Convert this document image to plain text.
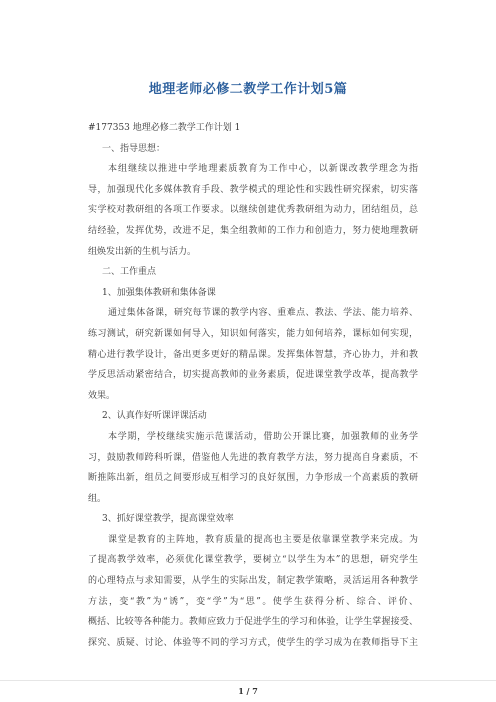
地理老师必修二教学工作计划5篇
#177353 地理必修二教学工作计划 1
一、指导思想：
本组继续以推进中学地理素质教育为工作中心，以新课改教学理念为指
导，加强现代化多媒体教育手段、教学模式的理论性和实践性研究探索，切实落
实学校对教研组的各项工作要求。以继续创建优秀教研组为动力，团结组员，总
结经验，发挥优势，改进不足，集全组教师的工作力和创造力，努力使地理教研
组焕发出新的生机与活力。
二、工作重点
1、加强集体教研和集体备课
通过集体备课，研究每节课的教学内容、重难点、教法、学法、能力培养、
练习测试，研究新课如何导入，知识如何落实，能力如何培养，课标如何实现，
精心进行教学设计，备出更多更好的精品课。发挥集体智慧，齐心协力，并和教
学反思活动紧密结合，切实提高教师的业务素质，促进课堂教学改革，提高教学
效果。
2、认真作好听课评课活动
本学期，学校继续实施示范课活动，借助公开课比赛，加强教师的业务学
习，鼓励教师跨科听课，借鉴他人先进的教育教学方法，努力提高自身素质，不
断推陈出新，组员之间要形成互相学习的良好氛围，力争形成一个高素质的教研
组。
3、抓好课堂教学，提高课堂效率
课堂是教育的主阵地，教育质量的提高也主要是依靠课堂教学来完成。为
了提高教学效率，必须优化课堂教学，要树立“以学生为本”的思想，研究学生
的心理特点与求知需要，从学生的实际出发，制定教学策略，灵活运用各种教学
方法，变“教”为“诱”，变“学”为“思”。使学生获得分析、综合、评价、
概括、比较等各种能力。教师应致力于促进学生的学习和体验，让学生掌握接受、
探究、质疑、讨论、体验等不同的学习方式，使学生的学习成为在教师指导下主
1 / 7
